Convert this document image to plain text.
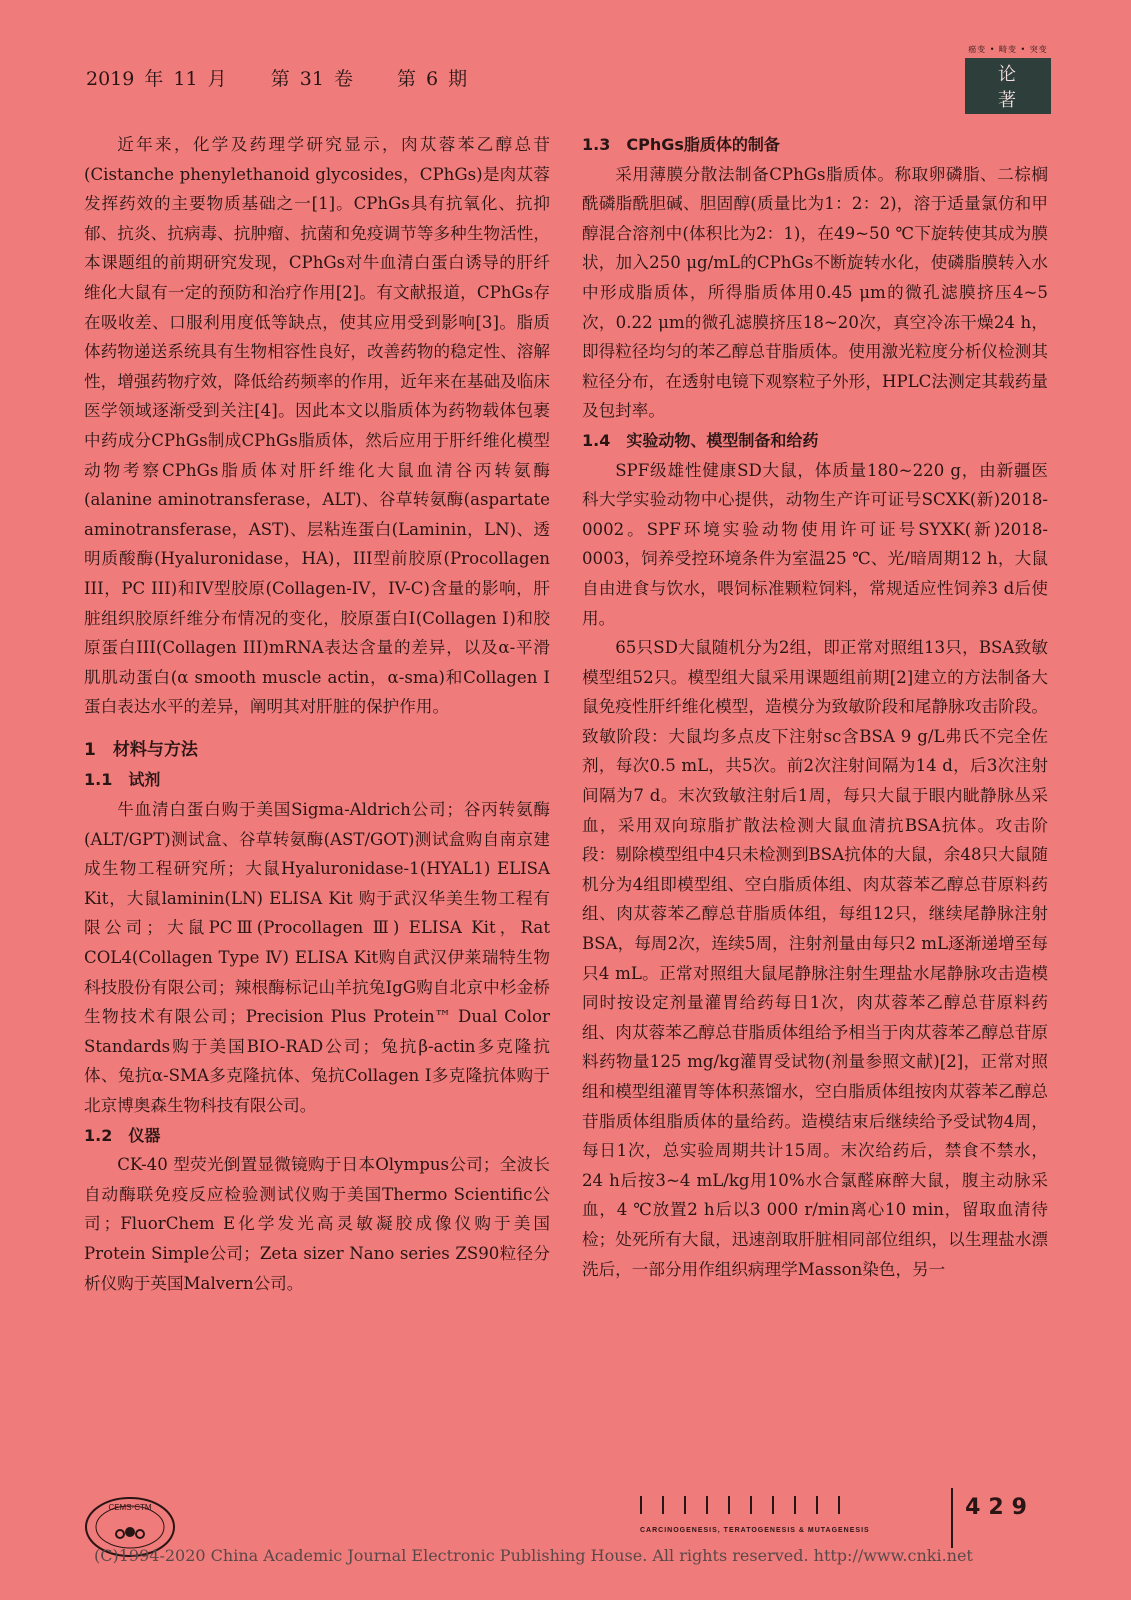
2019 年 11 月 第 31 卷 第 6 期
癌变 • 畸变 • 突变
论　著

近年来，化学及药理学研究显示，肉苁蓉苯乙醇总苷(Cistanche phenylethanoid glycosides，CPhGs)是肉苁蓉发挥药效的主要物质基础之一[1]。CPhGs具有抗氧化、抗抑郁、抗炎、抗病毒、抗肿瘤、抗菌和免疫调节等多种生物活性，本课题组的前期研究发现，CPhGs对牛血清白蛋白诱导的肝纤维化大鼠有一定的预防和治疗作用[2]。有文献报道，CPhGs存在吸收差、口服利用度低等缺点，使其应用受到影响[3]。脂质体药物递送系统具有生物相容性良好，改善药物的稳定性、溶解性，增强药物疗效，降低给药频率的作用，近年来在基础及临床医学领域逐渐受到关注[4]。因此本文以脂质体为药物载体包裹中药成分CPhGs制成CPhGs脂质体，然后应用于肝纤维化模型动物考察CPhGs脂质体对肝纤维化大鼠血清谷丙转氨酶(alanine aminotransferase，ALT)、谷草转氨酶(aspartate aminotransferase，AST)、层粘连蛋白(Laminin，LN)、透明质酸酶(Hyaluronidase，HA)，III型前胶原(Procollagen III，PC III)和IV型胶原(Collagen-IV，IV-C)含量的影响，肝脏组织胶原纤维分布情况的变化，胶原蛋白Ⅰ(Collagen Ⅰ)和胶原蛋白III(Collagen III)mRNA表达含量的差异，以及α-平滑肌肌动蛋白(α smooth muscle actin，α-sma)和Collagen Ⅰ蛋白表达水平的差异，阐明其对肝脏的保护作用。

1　材料与方法

1.1　试剂

牛血清白蛋白购于美国Sigma-Aldrich公司；谷丙转氨酶(ALT/GPT)测试盒、谷草转氨酶(AST/GOT)测试盒购自南京建成生物工程研究所；大鼠Hyaluronidase-1(HYAL1) ELISA Kit，大鼠laminin(LN) ELISA Kit 购于武汉华美生物工程有限公司；大鼠PCⅢ(Procollagen Ⅲ) ELISA Kit，Rat COL4(Collagen Type Ⅳ) ELISA Kit购自武汉伊莱瑞特生物科技股份有限公司；辣根酶标记山羊抗兔IgG购自北京中杉金桥生物技术有限公司；Precision Plus Protein™ Dual Color Standards购于美国BIO-RAD公司；兔抗β-actin多克隆抗体、兔抗α-SMA多克隆抗体、兔抗Collagen Ⅰ多克隆抗体购于北京博奥森生物科技有限公司。

1.2　仪器

CK-40 型荧光倒置显微镜购于日本Olympus公司；全波长自动酶联免疫反应检验测试仪购于美国Thermo Scientific公司；FluorChem E化学发光高灵敏凝胶成像仪购于美国Protein Simple公司；Zeta sizer Nano series ZS90粒径分析仪购于英国Malvern公司。

1.3　CPhGs脂质体的制备

采用薄膜分散法制备CPhGs脂质体。称取卵磷脂、二棕榈酰磷脂酰胆碱、胆固醇(质量比为1：2：2)，溶于适量氯仿和甲醇混合溶剂中(体积比为2：1)，在49~50 ℃下旋转使其成为膜状，加入250 μg/mL的CPhGs不断旋转水化，使磷脂膜转入水中形成脂质体，所得脂质体用0.45 μm的微孔滤膜挤压4~5次，0.22 μm的微孔滤膜挤压18~20次，真空冷冻干燥24 h，即得粒径均匀的苯乙醇总苷脂质体。使用激光粒度分析仪检测其粒径分布，在透射电镜下观察粒子外形，HPLC法测定其载药量及包封率。

1.4　实验动物、模型制备和给药

SPF级雄性健康SD大鼠，体质量180~220 g，由新疆医科大学实验动物中心提供，动物生产许可证号SCXK(新)2018-0002。SPF环境实验动物使用许可证号SYXK(新)2018-0003，饲养受控环境条件为室温25 ℃、光/暗周期12 h，大鼠自由进食与饮水，喂饲标准颗粒饲料，常规适应性饲养3 d后使用。

65只SD大鼠随机分为2组，即正常对照组13只，BSA致敏模型组52只。模型组大鼠采用课题组前期[2]建立的方法制备大鼠免疫性肝纤维化模型，造模分为致敏阶段和尾静脉攻击阶段。致敏阶段：大鼠均多点皮下注射sc含BSA 9 g/L弗氏不完全佐剂，每次0.5 mL，共5次。前2次注射间隔为14 d，后3次注射间隔为7 d。末次致敏注射后1周，每只大鼠于眼内眦静脉丛采血，采用双向琼脂扩散法检测大鼠血清抗BSA抗体。攻击阶段：剔除模型组中4只未检测到BSA抗体的大鼠，余48只大鼠随机分为4组即模型组、空白脂质体组、肉苁蓉苯乙醇总苷原料药组、肉苁蓉苯乙醇总苷脂质体组，每组12只，继续尾静脉注射BSA，每周2次，连续5周，注射剂量由每只2 mL逐渐递增至每只4 mL。正常对照组大鼠尾静脉注射生理盐水尾静脉攻击造模同时按设定剂量灌胃给药每日1次，肉苁蓉苯乙醇总苷原料药组、肉苁蓉苯乙醇总苷脂质体组给予相当于肉苁蓉苯乙醇总苷原料药物量125 mg/kg灌胃受试物(剂量参照文献)[2]，正常对照组和模型组灌胃等体积蒸馏水，空白脂质体组按肉苁蓉苯乙醇总苷脂质体组脂质体的量给药。造模结束后继续给予受试物4周，每日1次，总实验周期共计15周。末次给药后，禁食不禁水，24 h后按3~4 mL/kg用10%水合氯醛麻醉大鼠，腹主动脉采血，4 ℃放置2 h后以3 000 r/min离心10 min，留取血清待检；处死所有大鼠，迅速剖取肝脏相同部位组织，以生理盐水漂洗后，一部分用作组织病理学Masson染色，另一

CEMS·CTM
CARCINOGENESIS, TERATOGENESIS & MUTAGENESIS
429
(C)1994-2020 China Academic Journal Electronic Publishing House. All rights reserved. http://www.cnki.net
